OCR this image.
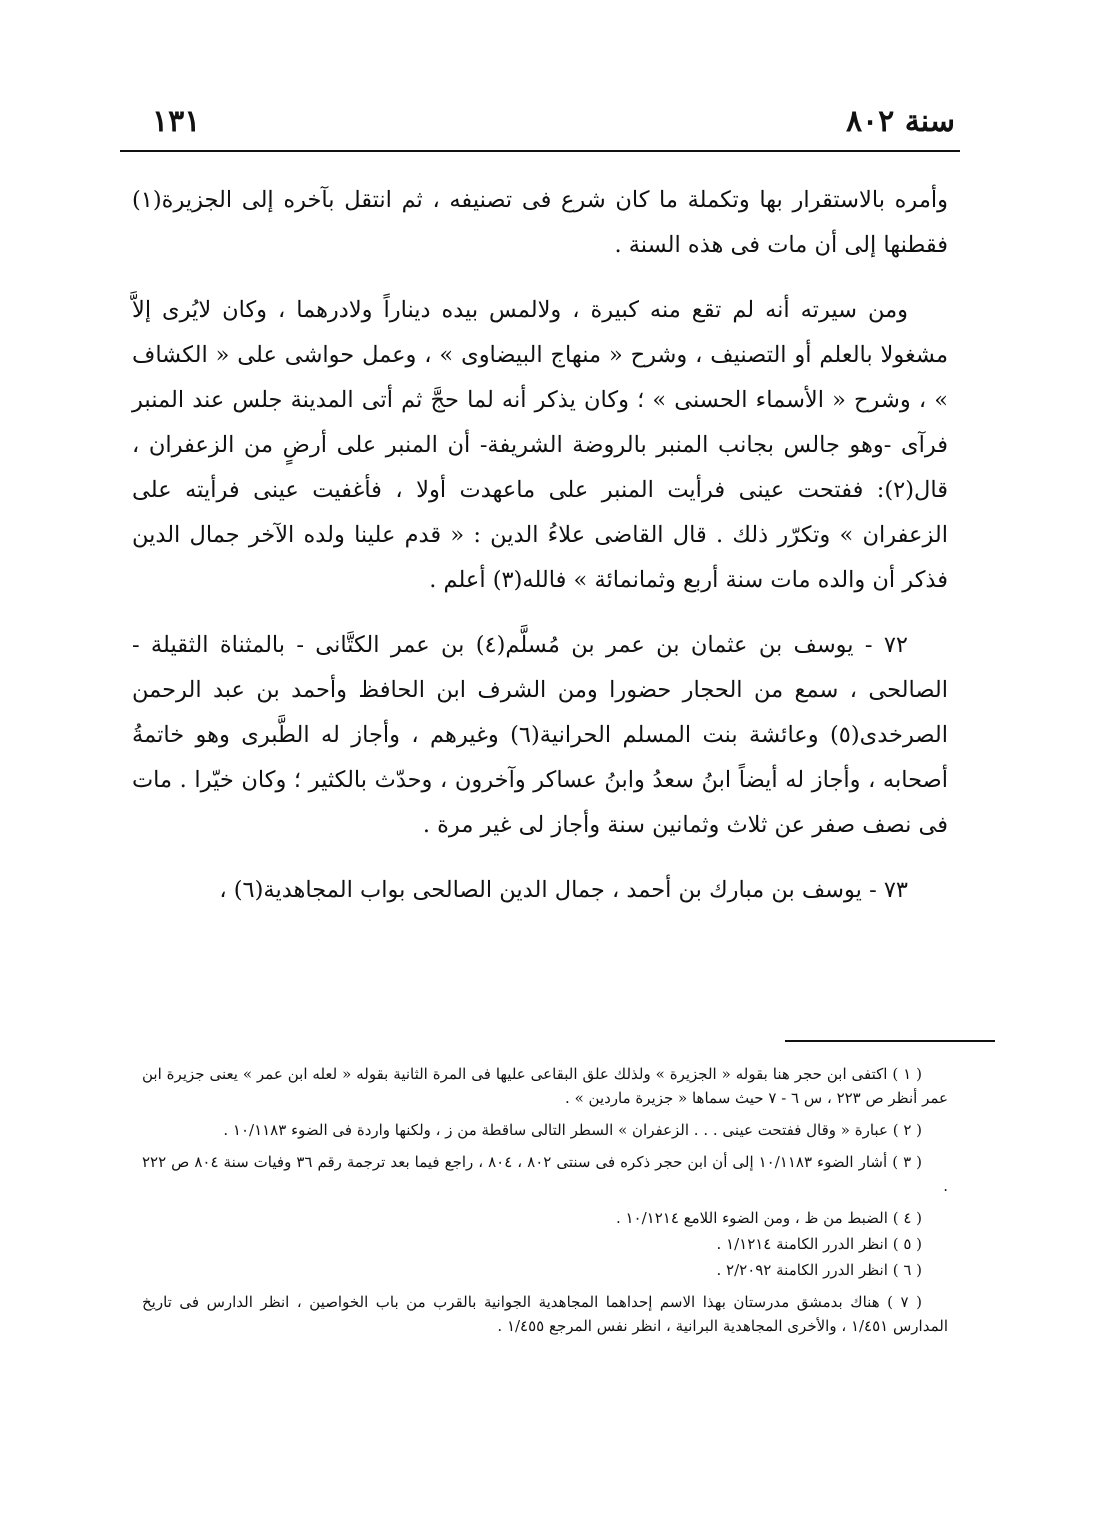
سنة ٨٠٢
١٣١

وأمره بالاستقرار بها وتكملة ما كان شرع فى تصنيفه ، ثم انتقل بآخره إلى الجزيرة(١) فقطنها إلى أن مات فى هذه السنة .

ومن سيرته أنه لم تقع منه كبيرة ، ولالمس بيده ديناراً ولادرهما ، وكان لايُرى إلاَّ مشغولا بالعلم أو التصنيف ، وشرح « منهاج البيضاوى » ، وعمل حواشى على « الكشاف » ، وشرح « الأسماء الحسنى » ؛ وكان يذكر أنه لما حجَّ ثم أتى المدينة جلس عند المنبر فرآى -وهو جالس بجانب المنبر بالروضة الشريفة- أن المنبر على أرضٍ من الزعفران ، قال(٢): ففتحت عينى فرأيت المنبر على ماعهدت أولا ، فأغفيت عينى فرأيته على الزعفران » وتكرّر ذلك . قال القاضى علاءُ الدين : « قدم علينا ولده الآخر جمال الدين فذكر أن والده مات سنة أربع وثمانمائة » فالله(٣) أعلم .

٧٢ - يوسف بن عثمان بن عمر بن مُسلَّم(٤) بن عمر الكتَّانى - بالمثناة الثقيلة - الصالحى ، سمع من الحجار حضورا ومن الشرف ابن الحافظ وأحمد بن عبد الرحمن الصرخدى(٥) وعائشة بنت المسلم الحرانية(٦) وغيرهم ، وأجاز له الطَّبرى وهو خاتمةُ أصحابه ، وأجاز له أيضاً ابنُ سعدُ وابنُ عساكر وآخرون ، وحدّث بالكثير ؛ وكان خيّرا . مات فى نصف صفر عن ثلاث وثمانين سنة وأجاز لى غير مرة .

٧٣ - يوسف بن مبارك بن أحمد ، جمال الدين الصالحى بواب المجاهدية(٦) ،

( ١ ) اكتفى ابن حجر هنا بقوله « الجزيرة » ولذلك علق البقاعى عليها فى المرة الثانية بقوله « لعله ابن عمر » يعنى جزيرة ابن عمر أنظر ص ٢٢٣ ، س ٦ - ٧ حيث سماها « جزيرة ماردين » .

( ٢ ) عبارة « وقال ففتحت عينى . . . الزعفران » السطر التالى ساقطة من ز ، ولكنها واردة فى الضوء ١٠/١١٨٣ .

( ٣ ) أشار الضوء ١٠/١١٨٣ إلى أن ابن حجر ذكره فى سنتى ٨٠٢ ، ٨٠٤ ، راجع فيما بعد ترجمة رقم ٣٦ وفيات سنة ٨٠٤ ص ٢٢٢ .

( ٤ ) الضبط من ظ ، ومن الضوء اللامع ١٠/١٢١٤ .

( ٥ ) انظر الدرر الكامنة ١/١٢١٤ .

( ٦ ) انظر الدرر الكامنة ٢/٢٠٩٢ .

( ٧ ) هناك بدمشق مدرستان بهذا الاسم إحداهما المجاهدية الجوانية بالقرب من باب الخواصين ، انظر الدارس فى تاريخ المدارس ١/٤٥١ ، والأخرى المجاهدية البرانية ، انظر نفس المرجع ١/٤٥٥ .
